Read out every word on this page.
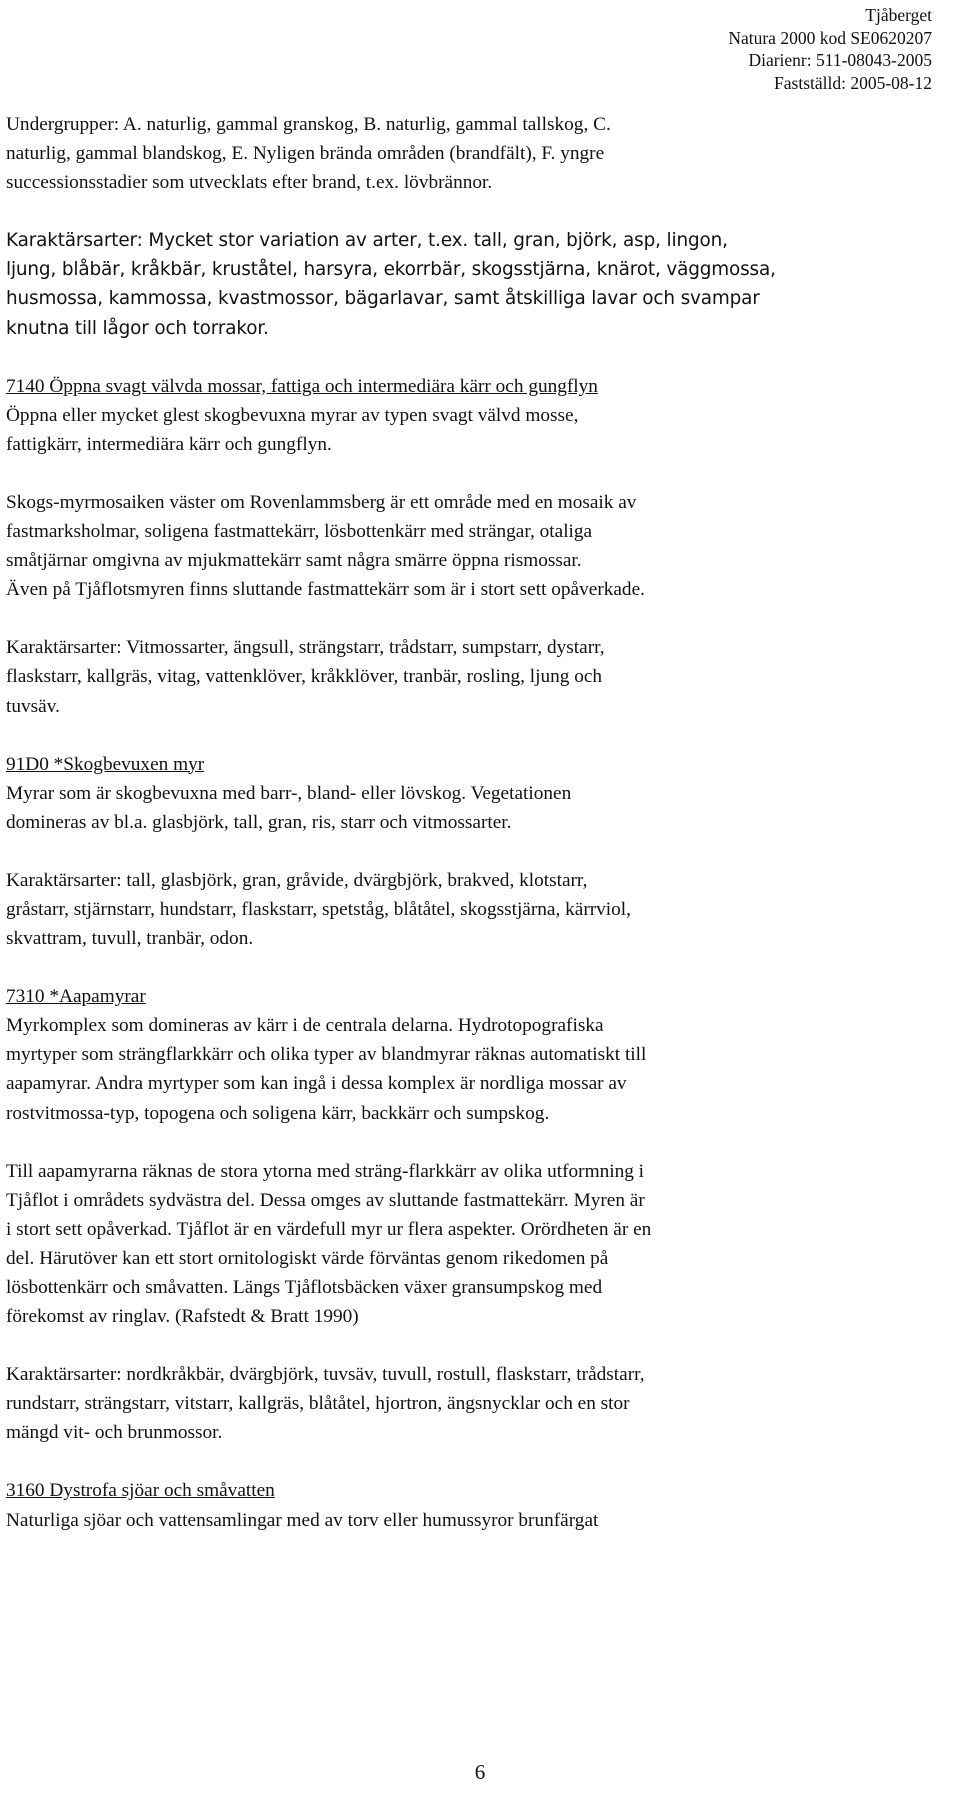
Tjåberget
Natura 2000 kod SE0620207
Diarienr: 511-08043-2005
Fastställd: 2005-08-12
Undergrupper: A. naturlig, gammal granskog, B. naturlig, gammal tallskog, C.
naturlig, gammal blandskog, E. Nyligen brända områden (brandfält), F. yngre
successionsstadier som utvecklats efter brand, t.ex. lövbrännor.
Karaktärsarter: Mycket stor variation av arter, t.ex. tall, gran, björk, asp, lingon,
ljung, blåbär, kråkbär, kruståtel, harsyra, ekorrbär, skogsstjärna, knärot, väggmossa,
husmossa, kammossa, kvastmossor, bägarlavar, samt åtskilliga lavar och svampar
knutna till lågor och torrakor.
7140 Öppna svagt välvda mossar, fattiga och intermediära kärr och gungflyn
Öppna eller mycket glest skogbevuxna myrar av typen svagt välvd mosse,
fattigkärr, intermediära kärr och gungflyn.
Skogs-myrmosaiken väster om Rovenlammsberg är ett område med en mosaik av
fastmarksholmar, soligena fastmattekärr, lösbottenkärr med strängar, otaliga
småtjärnar omgivna av mjukmattekärr samt några smärre öppna rismossar.
Även på Tjåflotsmyren finns sluttande fastmattekärr som är i stort sett opåverkade.
Karaktärsarter: Vitmossarter, ängsull, strängstarr, trådstarr, sumpstarr, dystarr,
flaskstarr, kallgräs, vitag, vattenklöver, kråkklöver, tranbär, rosling, ljung och
tuvsäv.
91D0 *Skogbevuxen myr
Myrar som är skogbevuxna med barr-, bland- eller lövskog. Vegetationen
domineras av bl.a. glasbjörk, tall, gran, ris, starr och vitmossarter.
Karaktärsarter: tall, glasbjörk, gran, gråvide, dvärgbjörk, brakved, klotstarr,
gråstarr, stjärnstarr, hundstarr, flaskstarr, spetståg, blåtåtel, skogsstjärna, kärrviol,
skvattram, tuvull, tranbär, odon.
7310 *Aapamyrar
Myrkomplex som domineras av kärr i de centrala delarna. Hydrotopografiska
myrtyper som strängflarkkärr och olika typer av blandmyrar räknas automatiskt till
aapamyrar. Andra myrtyper som kan ingå i dessa komplex är nordliga mossar av
rostvitmossa-typ, topogena och soligena kärr, backkärr och sumpskog.
Till aapamyrarna räknas de stora ytorna med sträng-flarkkärr av olika utformning i
Tjåflot i områdets sydvästra del. Dessa omges av sluttande fastmattekärr. Myren är
i stort sett opåverkad. Tjåflot är en värdefull myr ur flera aspekter. Orördheten är en
del. Härutöver kan ett stort ornitologiskt värde förväntas genom rikedomen på
lösbottenkärr och småvatten. Längs Tjåflotsbäcken växer gransumpskog med
förekomst av ringlav. (Rafstedt & Bratt 1990)
Karaktärsarter: nordkråkbär, dvärgbjörk, tuvsäv, tuvull, rostull, flaskstarr, trådstarr,
rundstarr, strängstarr, vitstarr, kallgräs, blåtåtel, hjortron, ängsnycklar och en stor
mängd vit- och brunmossor.
3160 Dystrofa sjöar och småvatten
Naturliga sjöar och vattensamlingar med av torv eller humussyror brunfärgat
6
